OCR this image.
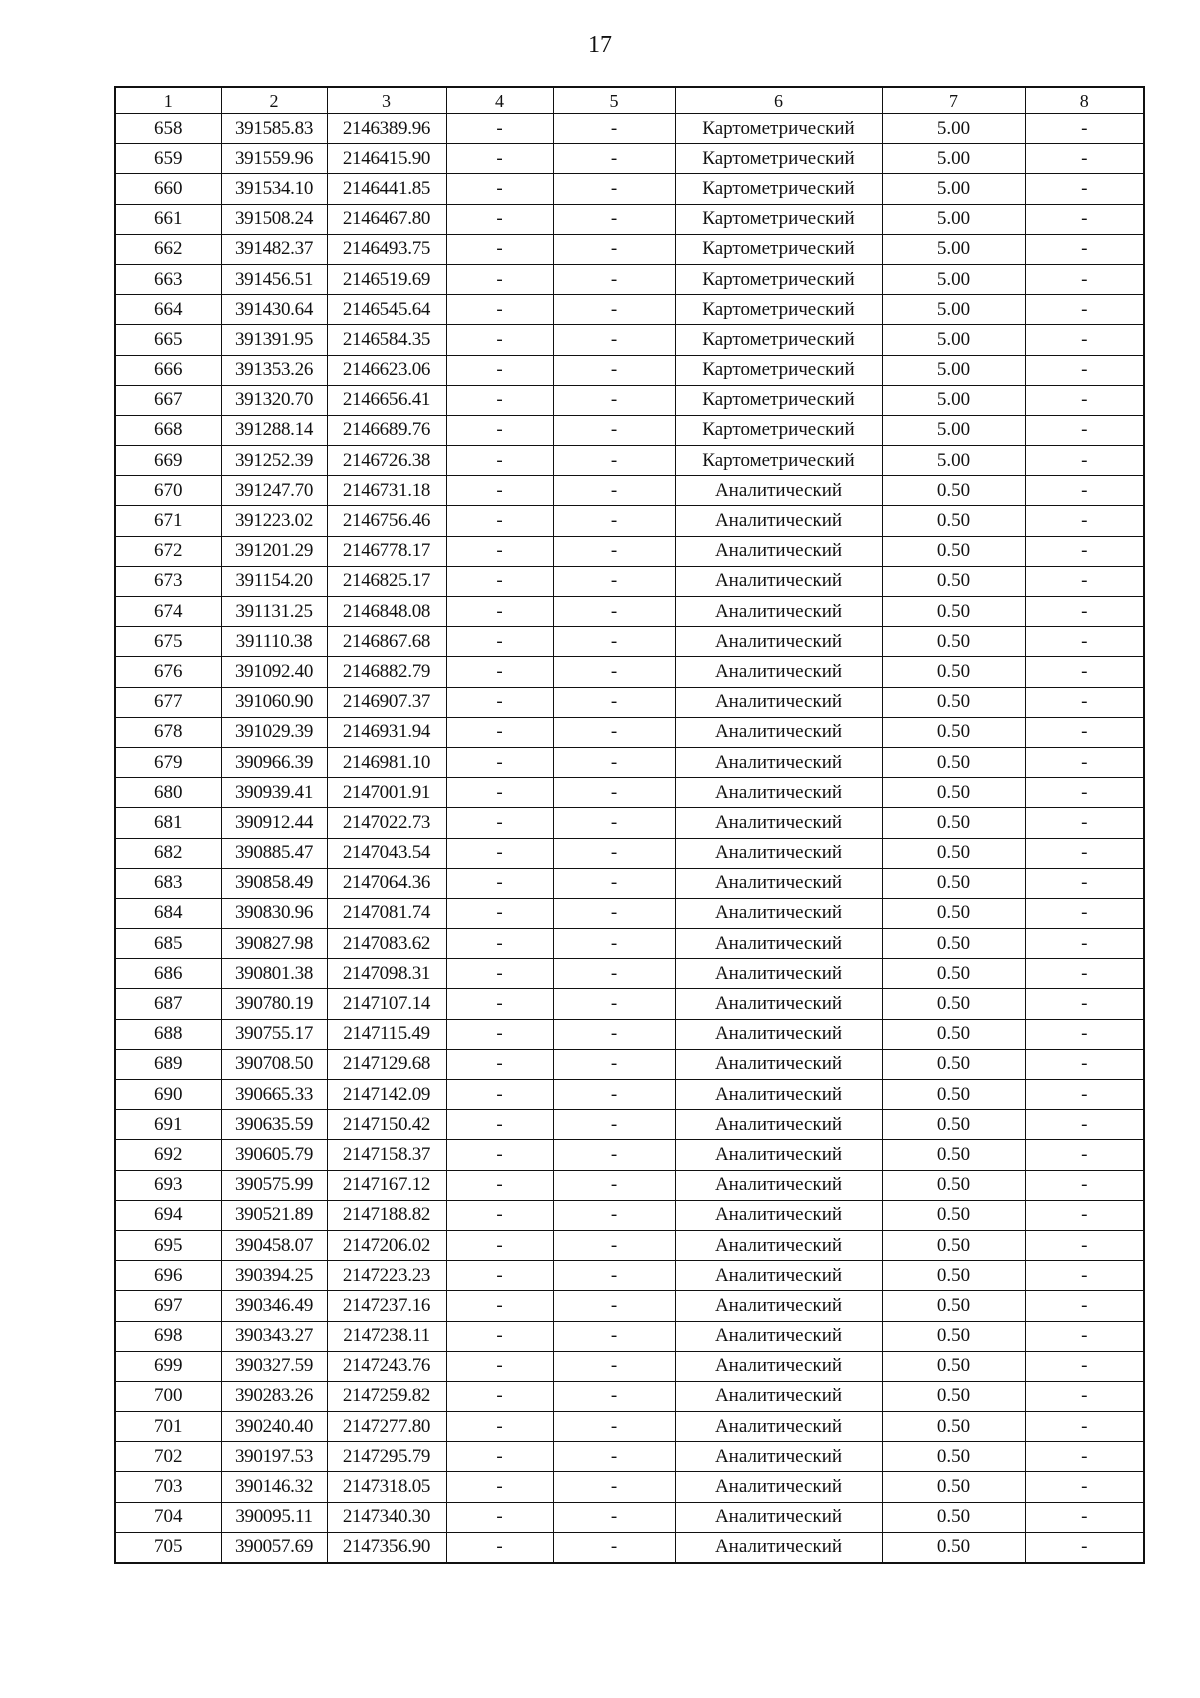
17
1	2	3	4	5	6	7	8
658	391585.83	2146389.96	-	-	Картометрический	5.00	-
659	391559.96	2146415.90	-	-	Картометрический	5.00	-
660	391534.10	2146441.85	-	-	Картометрический	5.00	-
661	391508.24	2146467.80	-	-	Картометрический	5.00	-
662	391482.37	2146493.75	-	-	Картометрический	5.00	-
663	391456.51	2146519.69	-	-	Картометрический	5.00	-
664	391430.64	2146545.64	-	-	Картометрический	5.00	-
665	391391.95	2146584.35	-	-	Картометрический	5.00	-
666	391353.26	2146623.06	-	-	Картометрический	5.00	-
667	391320.70	2146656.41	-	-	Картометрический	5.00	-
668	391288.14	2146689.76	-	-	Картометрический	5.00	-
669	391252.39	2146726.38	-	-	Картометрический	5.00	-
670	391247.70	2146731.18	-	-	Аналитический	0.50	-
671	391223.02	2146756.46	-	-	Аналитический	0.50	-
672	391201.29	2146778.17	-	-	Аналитический	0.50	-
673	391154.20	2146825.17	-	-	Аналитический	0.50	-
674	391131.25	2146848.08	-	-	Аналитический	0.50	-
675	391110.38	2146867.68	-	-	Аналитический	0.50	-
676	391092.40	2146882.79	-	-	Аналитический	0.50	-
677	391060.90	2146907.37	-	-	Аналитический	0.50	-
678	391029.39	2146931.94	-	-	Аналитический	0.50	-
679	390966.39	2146981.10	-	-	Аналитический	0.50	-
680	390939.41	2147001.91	-	-	Аналитический	0.50	-
681	390912.44	2147022.73	-	-	Аналитический	0.50	-
682	390885.47	2147043.54	-	-	Аналитический	0.50	-
683	390858.49	2147064.36	-	-	Аналитический	0.50	-
684	390830.96	2147081.74	-	-	Аналитический	0.50	-
685	390827.98	2147083.62	-	-	Аналитический	0.50	-
686	390801.38	2147098.31	-	-	Аналитический	0.50	-
687	390780.19	2147107.14	-	-	Аналитический	0.50	-
688	390755.17	2147115.49	-	-	Аналитический	0.50	-
689	390708.50	2147129.68	-	-	Аналитический	0.50	-
690	390665.33	2147142.09	-	-	Аналитический	0.50	-
691	390635.59	2147150.42	-	-	Аналитический	0.50	-
692	390605.79	2147158.37	-	-	Аналитический	0.50	-
693	390575.99	2147167.12	-	-	Аналитический	0.50	-
694	390521.89	2147188.82	-	-	Аналитический	0.50	-
695	390458.07	2147206.02	-	-	Аналитический	0.50	-
696	390394.25	2147223.23	-	-	Аналитический	0.50	-
697	390346.49	2147237.16	-	-	Аналитический	0.50	-
698	390343.27	2147238.11	-	-	Аналитический	0.50	-
699	390327.59	2147243.76	-	-	Аналитический	0.50	-
700	390283.26	2147259.82	-	-	Аналитический	0.50	-
701	390240.40	2147277.80	-	-	Аналитический	0.50	-
702	390197.53	2147295.79	-	-	Аналитический	0.50	-
703	390146.32	2147318.05	-	-	Аналитический	0.50	-
704	390095.11	2147340.30	-	-	Аналитический	0.50	-
705	390057.69	2147356.90	-	-	Аналитический	0.50	-
